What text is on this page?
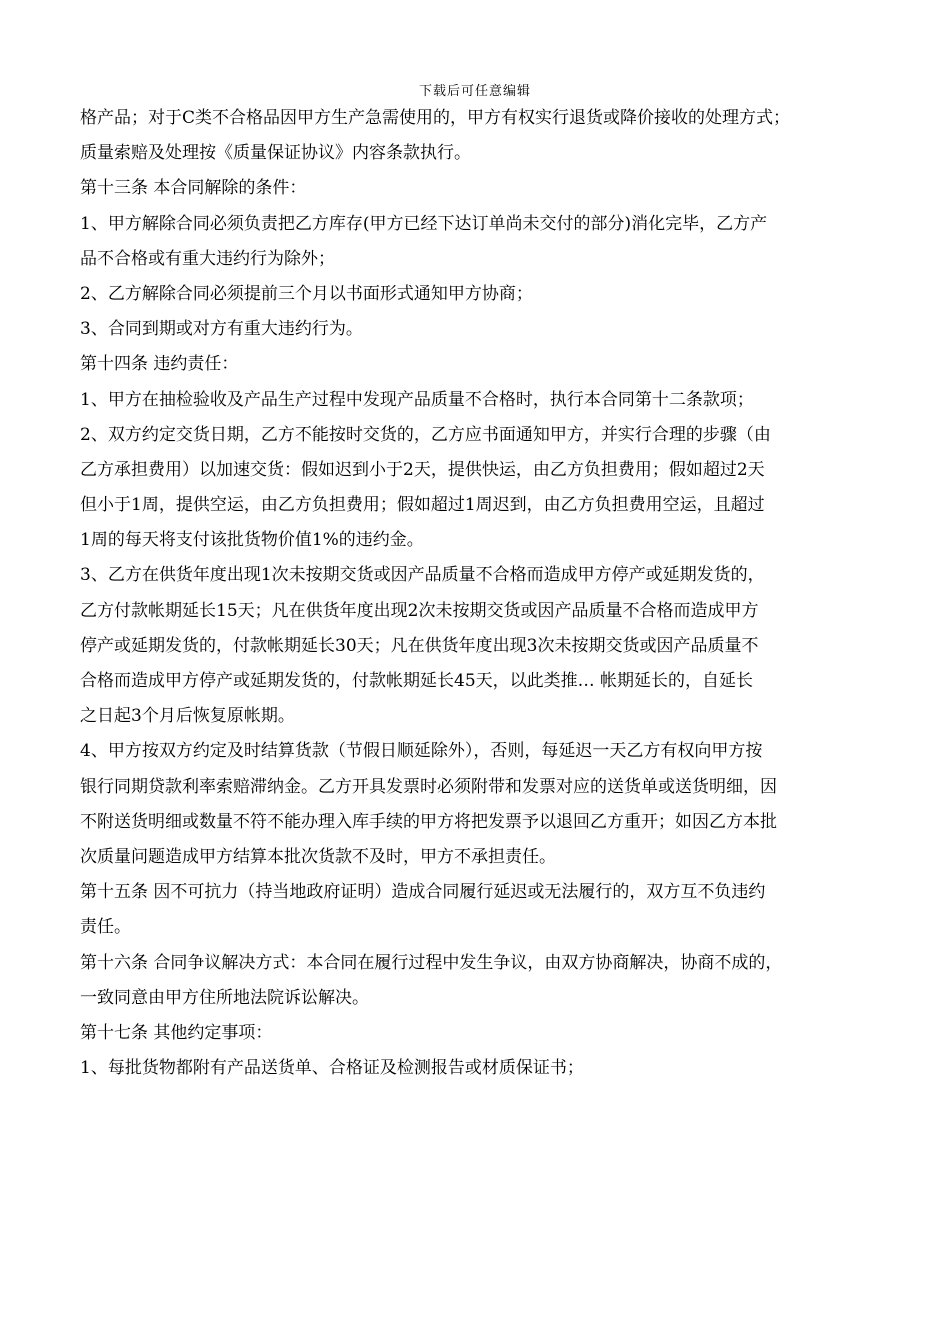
下载后可任意编辑
格产品；对于C类不合格品因甲方生产急需使用的，甲方有权实行退货或降价接收的处理方式；
质量索赔及处理按《质量保证协议》内容条款执行。
第十三条 本合同解除的条件：
1、甲方解除合同必须负责把乙方库存(甲方已经下达订单尚未交付的部分)消化完毕，乙方产
品不合格或有重大违约行为除外；
2、乙方解除合同必须提前三个月以书面形式通知甲方协商；
3、合同到期或对方有重大违约行为。
第十四条 违约责任：
1、甲方在抽检验收及产品生产过程中发现产品质量不合格时，执行本合同第十二条款项；
2、双方约定交货日期，乙方不能按时交货的，乙方应书面通知甲方，并实行合理的步骤（由
乙方承担费用）以加速交货：假如迟到小于2天，提供快运，由乙方负担费用；假如超过2天
但小于1周，提供空运，由乙方负担费用；假如超过1周迟到，由乙方负担费用空运，且超过
1周的每天将支付该批货物价值1%的违约金。
3、乙方在供货年度出现1次未按期交货或因产品质量不合格而造成甲方停产或延期发货的，
乙方付款帐期延长15天；凡在供货年度出现2次未按期交货或因产品质量不合格而造成甲方
停产或延期发货的，付款帐期延长30天；凡在供货年度出现3次未按期交货或因产品质量不
合格而造成甲方停产或延期发货的，付款帐期延长45天，以此类推… 帐期延长的，自延长
之日起3个月后恢复原帐期。
4、甲方按双方约定及时结算货款（节假日顺延除外），否则，每延迟一天乙方有权向甲方按
银行同期贷款利率索赔滞纳金。乙方开具发票时必须附带和发票对应的送货单或送货明细，因
不附送货明细或数量不符不能办理入库手续的甲方将把发票予以退回乙方重开；如因乙方本批
次质量问题造成甲方结算本批次货款不及时，甲方不承担责任。
第十五条 因不可抗力（持当地政府证明）造成合同履行延迟或无法履行的，双方互不负违约
责任。
第十六条 合同争议解决方式：本合同在履行过程中发生争议，由双方协商解决，协商不成的，
一致同意由甲方住所地法院诉讼解决。
第十七条 其他约定事项：
1、每批货物都附有产品送货单、合格证及检测报告或材质保证书；
